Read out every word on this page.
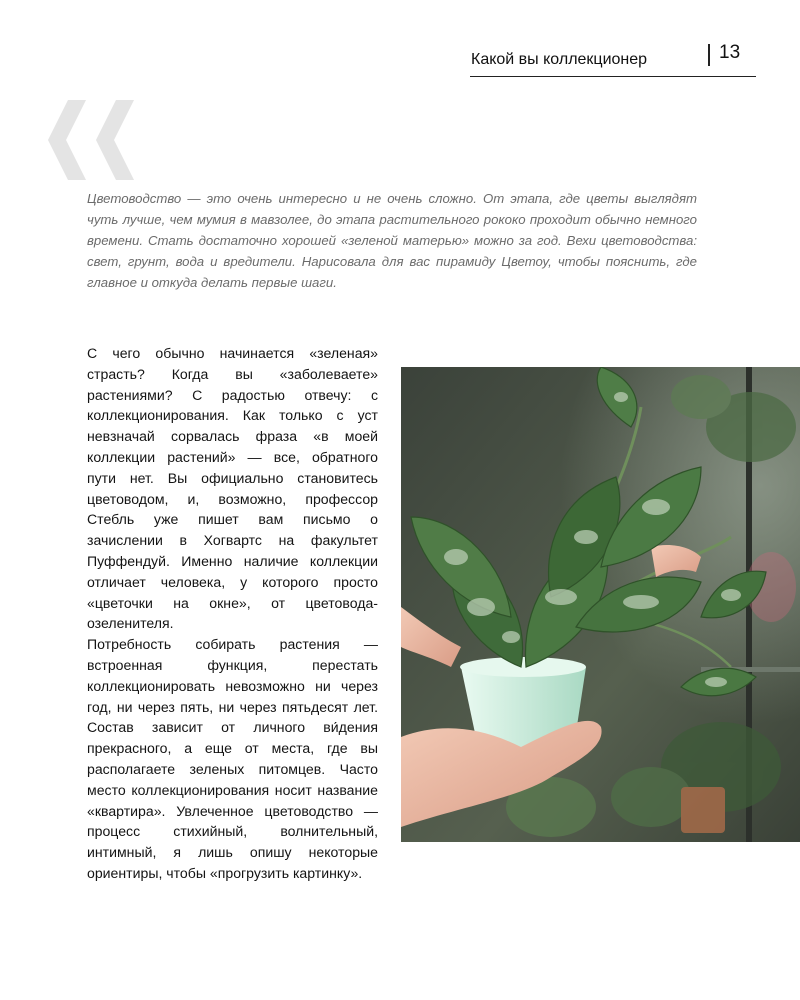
Какой вы коллекционер	13
Цветоводство — это очень интересно и не очень сложно. От этапа, где цветы выглядят чуть лучше, чем мумия в мавзолее, до этапа растительного рококо проходит обычно немного времени. Стать достаточно хорошей «зеленой матерью» можно за год. Вехи цветоводства: свет, грунт, вода и вредители. Нарисовала для вас пирамиду Цветоу, чтобы пояснить, где главное и откуда делать первые шаги.

С чего обычно начинается «зеленая» страсть? Когда вы «заболеваете» растениями? С радостью отвечу: с коллекционирования. Как только с уст невзначай сорвалась фраза «в моей коллекции растений» — все, обратного пути нет. Вы официально становитесь цветоводом, и, возможно, профессор Стебль уже пишет вам письмо о зачислении в Хогвартс на факультет Пуффендуй. Именно наличие коллекции отличает человека, у которого просто «цветочки на окне», от цветовода-озеленителя.

Потребность собирать растения — встроенная функция, перестать коллекционировать невозможно ни через год, ни через пять, ни через пятьдесят лет. Состав зависит от личного ви́дения прекрасного, а еще от места, где вы располагаете зеленых питомцев. Часто место коллекционирования носит название «квартира». Увлеченное цветоводство — процесс стихийный, волнительный, интимный, я лишь опишу некоторые ориентиры, чтобы «прогрузить картинку».
